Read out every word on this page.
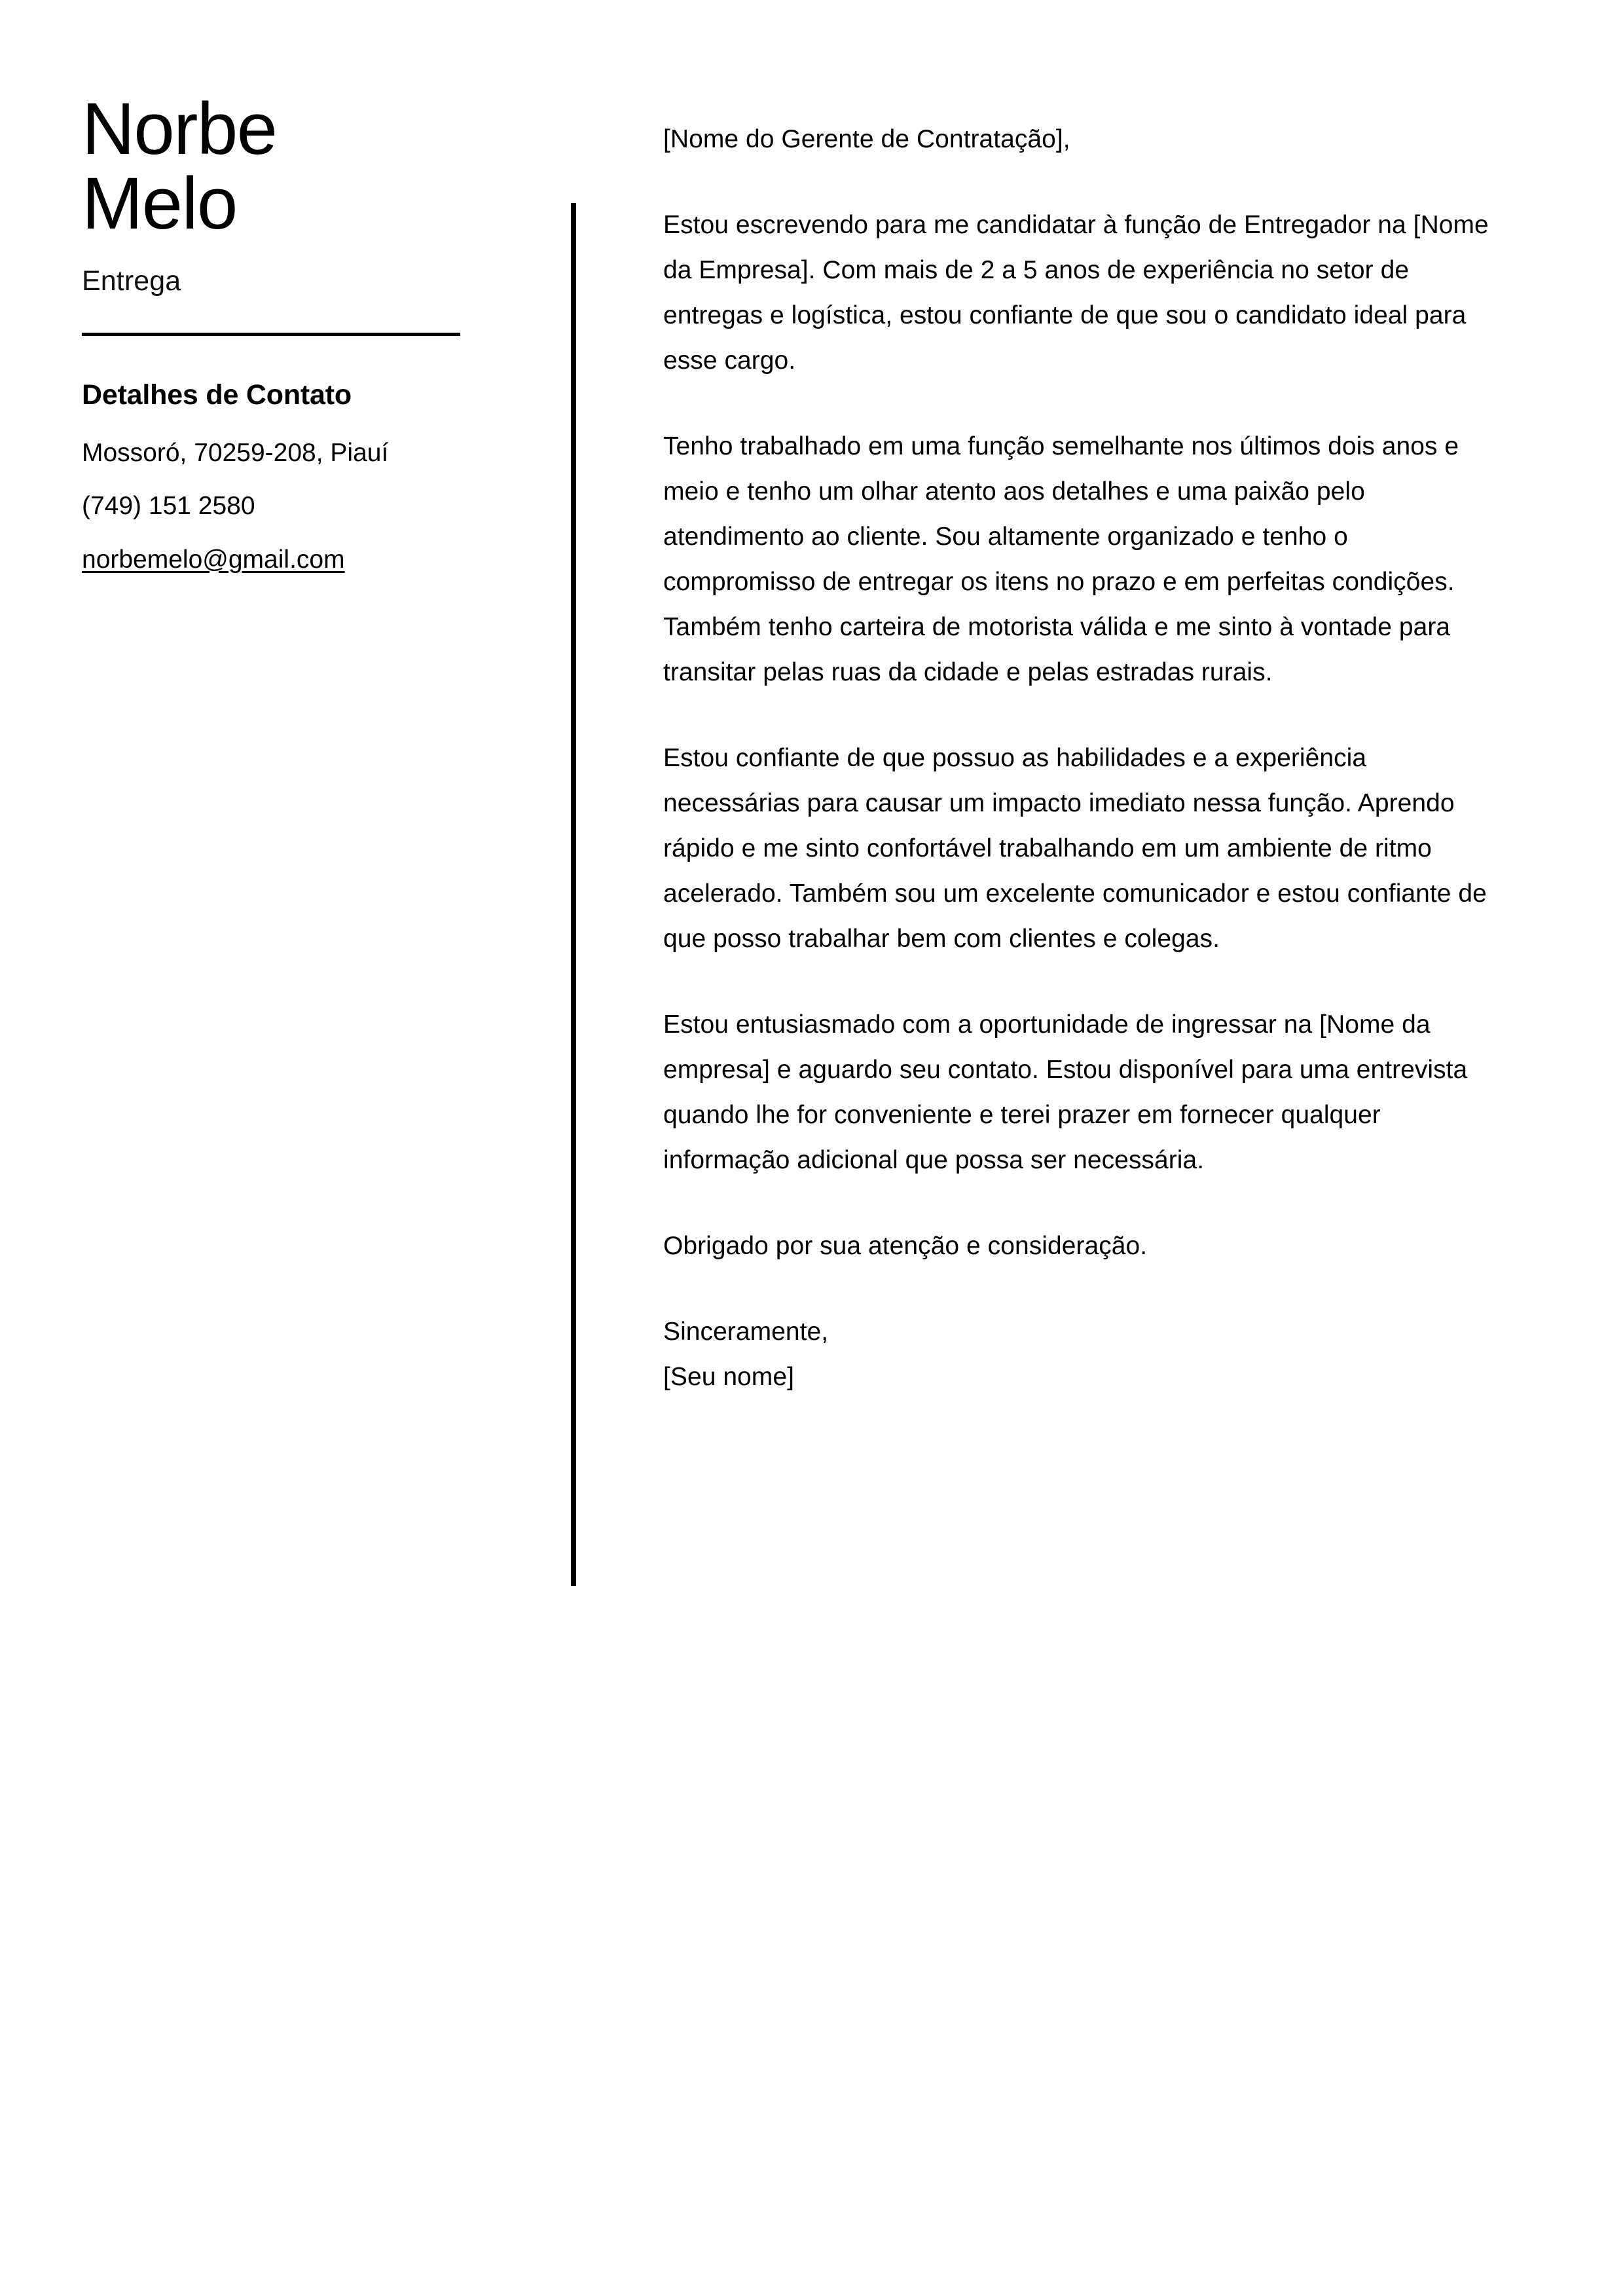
Norbe
Melo
Entrega
Detalhes de Contato
Mossoró, 70259-208, Piauí
(749) 151 2580
norbemelo@gmail.com

[Nome do Gerente de Contratação],

Estou escrevendo para me candidatar à função de Entregador na [Nome da Empresa]. Com mais de 2 a 5 anos de experiência no setor de entregas e logística, estou confiante de que sou o candidato ideal para esse cargo.

Tenho trabalhado em uma função semelhante nos últimos dois anos e meio e tenho um olhar atento aos detalhes e uma paixão pelo atendimento ao cliente. Sou altamente organizado e tenho o compromisso de entregar os itens no prazo e em perfeitas condições. Também tenho carteira de motorista válida e me sinto à vontade para transitar pelas ruas da cidade e pelas estradas rurais.

Estou confiante de que possuo as habilidades e a experiência necessárias para causar um impacto imediato nessa função. Aprendo rápido e me sinto confortável trabalhando em um ambiente de ritmo acelerado. Também sou um excelente comunicador e estou confiante de que posso trabalhar bem com clientes e colegas.

Estou entusiasmado com a oportunidade de ingressar na [Nome da empresa] e aguardo seu contato. Estou disponível para uma entrevista quando lhe for conveniente e terei prazer em fornecer qualquer informação adicional que possa ser necessária.

Obrigado por sua atenção e consideração.

Sinceramente,
[Seu nome]
